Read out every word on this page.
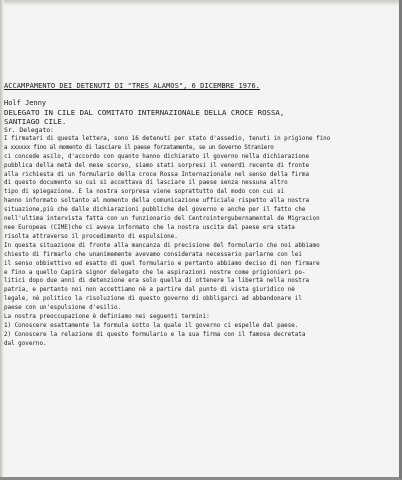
ACCAMPAMENTO DEI DETENUTI DI "TRES ALAMOS", 6 DICEMBRE 1976.
Holf Jenny
DELEGATO IN CILE DAL COMITATO INTERNAZIONALE DELLA CROCE ROSSA,
SANTIAGO CILE.
Sr. Delegato:
I firmatari di questa lettera, sono 16 detenuti per stato d'assedio, tenuti in prigione fino
a xxxxxx fino al momento di lasciare il paese forzatamente, se un Governo Straniero
ci concede asilo, d'accordo con quanto hanno dichiarato il governo nella dichiarazione
pubblica della metà del mese scorso, siamo stati sorpresi il venerdì recente di fronte
alla richiesta di un formulario della croce Rossa Internazionale nel senso della firma
di questo documento su cui si accettava di lasciare il paese senza nessuna altro
tipo di spiegazione. E la nostra sorpresa viene soprattutto dal modo con cui si
hanno informato soltanto al momento della comunicazione ufficiale rispetto alla nostra
situazione,più che dalle dichiarazioni pubbliche del governo e anche per il fatto che
nell'ultima intervista fatta con un funzionario del Centrointergubernamental de Migracion
nee Europeas (CIME)che ci aveva informato che la nostra uscita dal paese era stata
risolta attraverso il procedimento di espulsione.
In questa situazione di fronte alla mancanza di precisione del formulario che noi abbiamo
chiesto di firmarlo che unanimemente avevamo considerata necessario parlarne con lei
il senso obbiettivo ed esatto di quel formulario e pertanto abbiamo deciso di non firmare
e fino a quello Capirà signor delegato che le aspirazioni nostre come prigionieri po-
litici dopo due anni di detenzione era solo quella di ottenere la libertà nella nostra
patria, e pertanto noi non accettiamo nè a partire dal punto di vista giuridico nè
legale, nè politico la risoluzione di questo governo di obbligarci ad abbandonare il
paese con un'espulsione d'esilio.
La nostra preoccupazione è definiamo nei seguenti termini:
1) Conoscere esattamente la formula sotto la quale il governo ci espelle dal paese.
2) Conoscere la relazione di questo formulario e la sua firma con il famosa decretata
dal governo.
